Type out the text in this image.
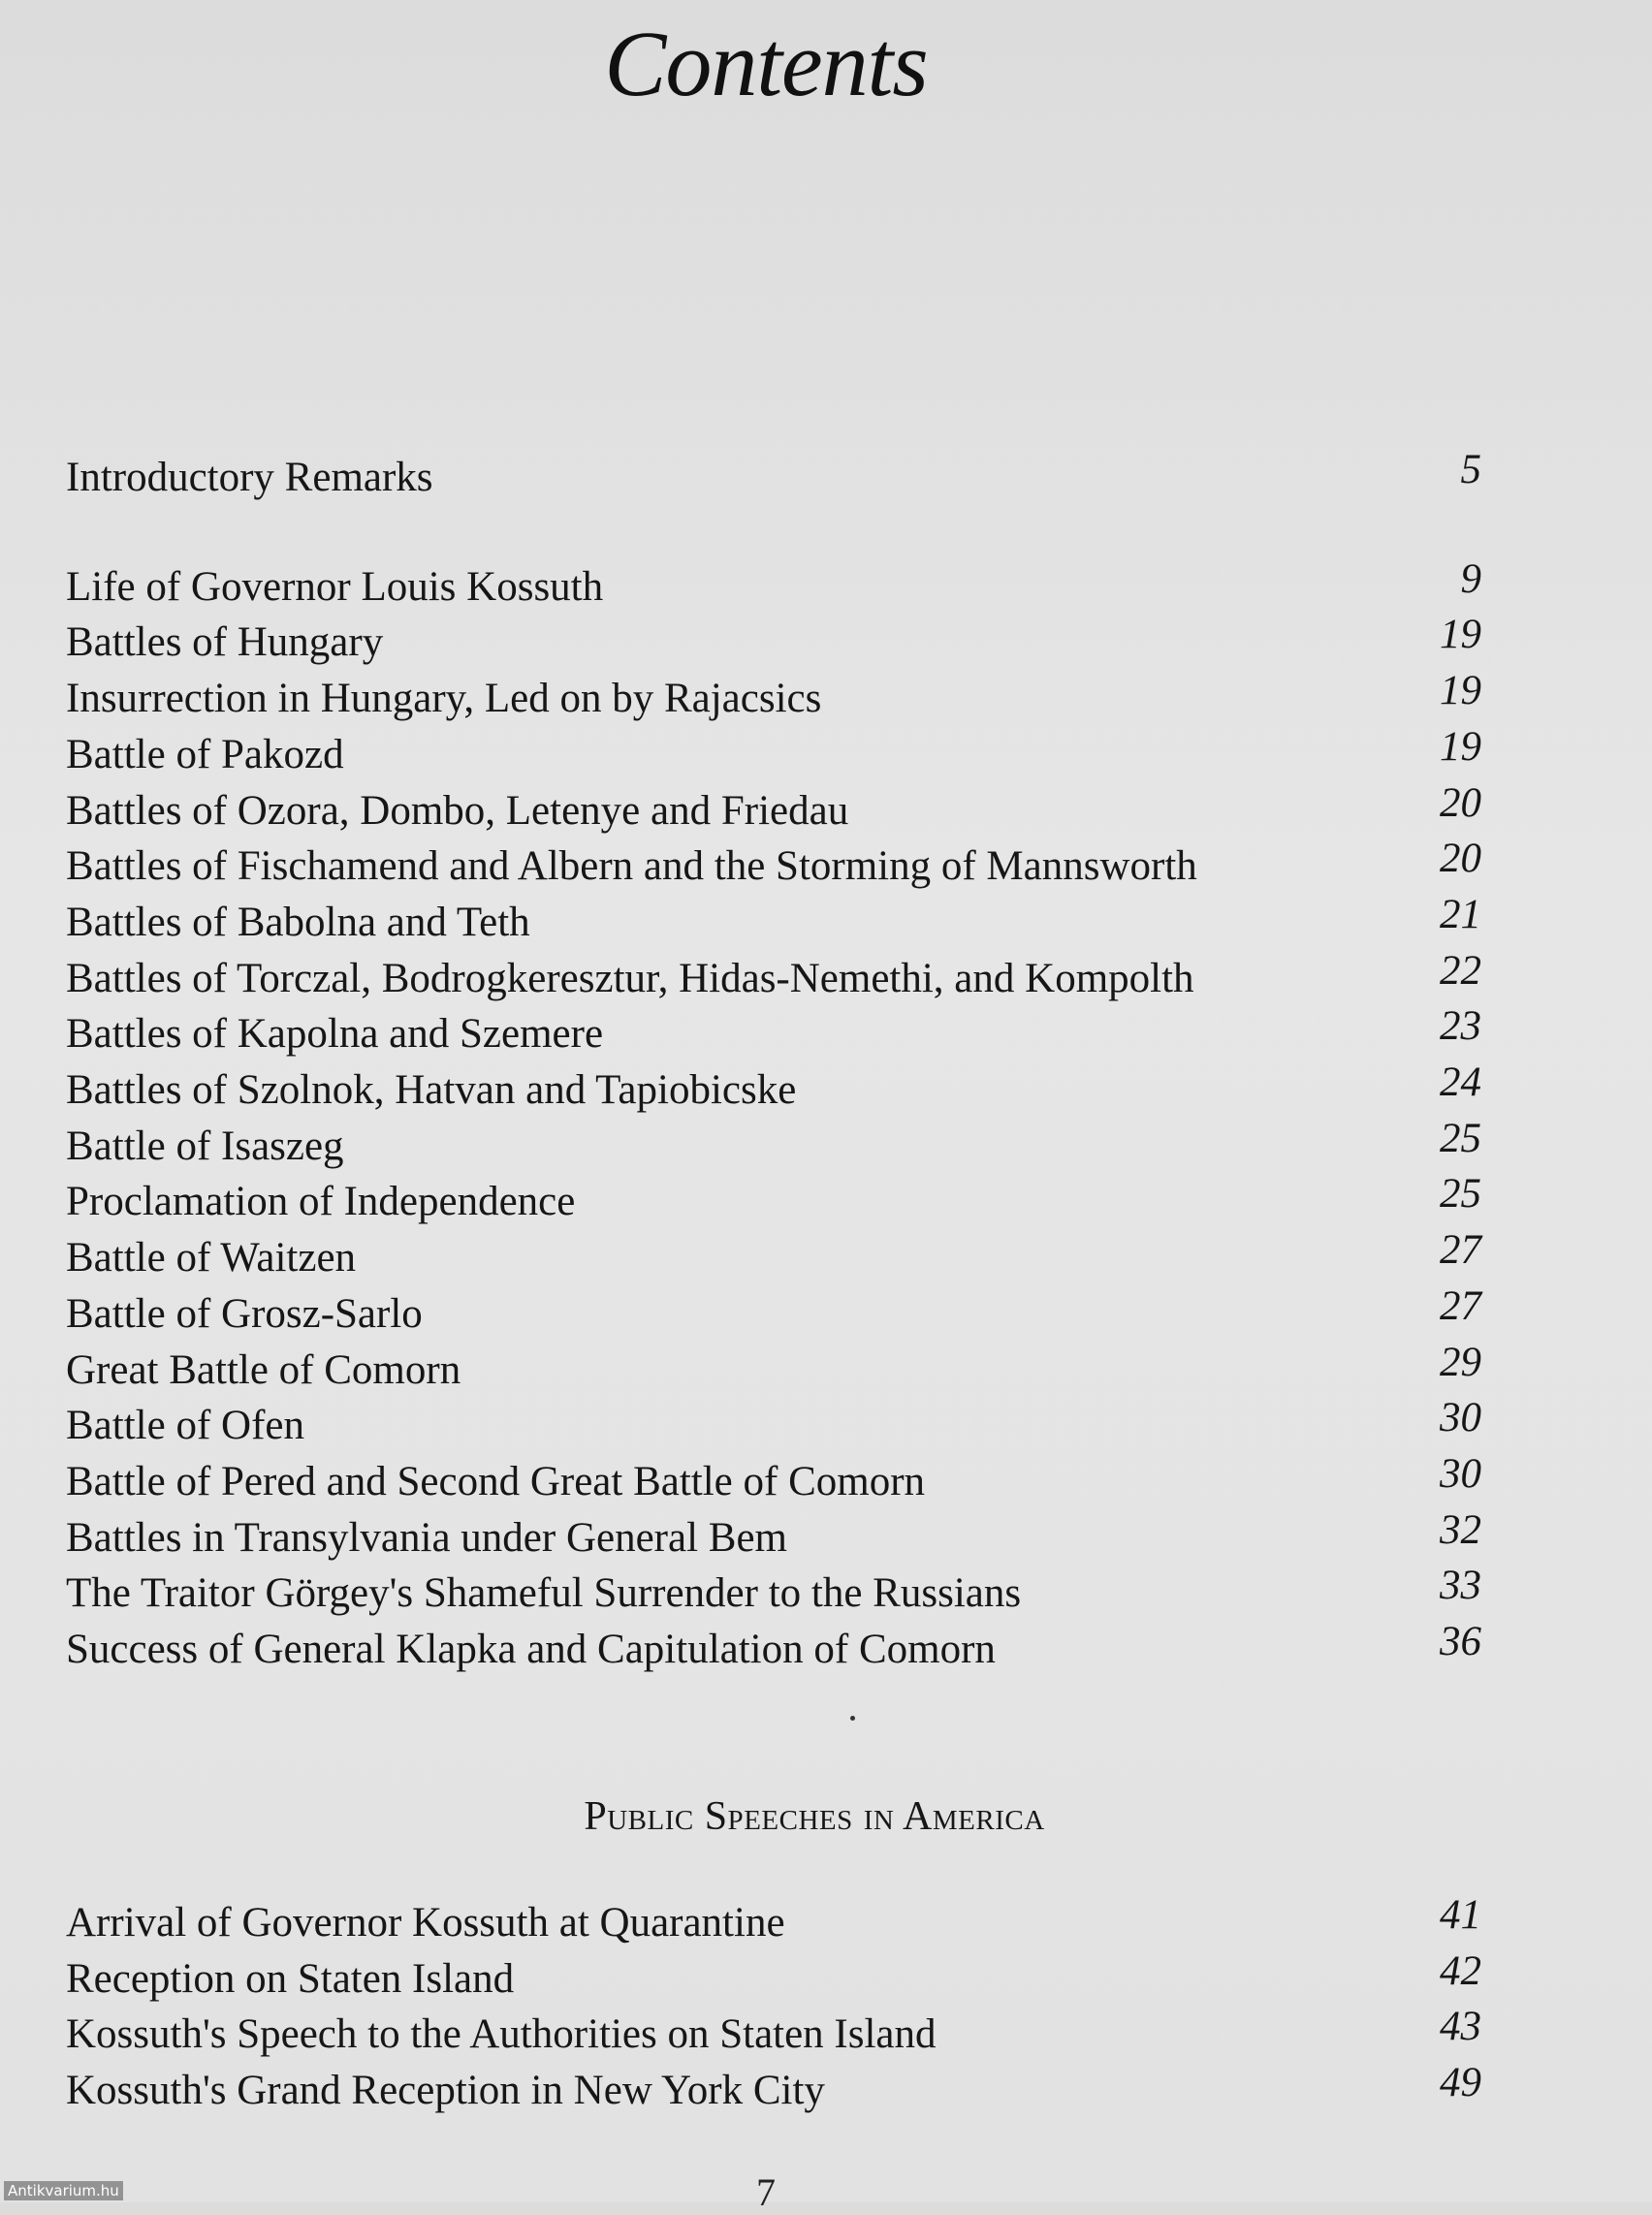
Contents
Introductory Remarks	5
Life of Governor Louis Kossuth	9
Battles of Hungary	19
Insurrection in Hungary, Led on by Rajacsics	19
Battle of Pakozd	19
Battles of Ozora, Dombo, Letenye and Friedau	20
Battles of Fischamend and Albern and the Storming of Mannsworth	20
Battles of Babolna and Teth	21
Battles of Torczal, Bodrogkeresztur, Hidas-Nemethi, and Kompolth	22
Battles of Kapolna and Szemere	23
Battles of Szolnok, Hatvan and Tapiobicske	24
Battle of Isaszeg	25
Proclamation of Independence	25
Battle of Waitzen	27
Battle of Grosz-Sarlo	27
Great Battle of Comorn	29
Battle of Ofen	30
Battle of Pered and Second Great Battle of Comorn	30
Battles in Transylvania under General Bem	32
The Traitor Görgey's Shameful Surrender to the Russians	33
Success of General Klapka and Capitulation of Comorn	36
Public Speeches in America
Arrival of Governor Kossuth at Quarantine	41
Reception on Staten Island	42
Kossuth's Speech to the Authorities on Staten Island	43
Kossuth's Grand Reception in New York City	49
7
Antikvarium.hu
